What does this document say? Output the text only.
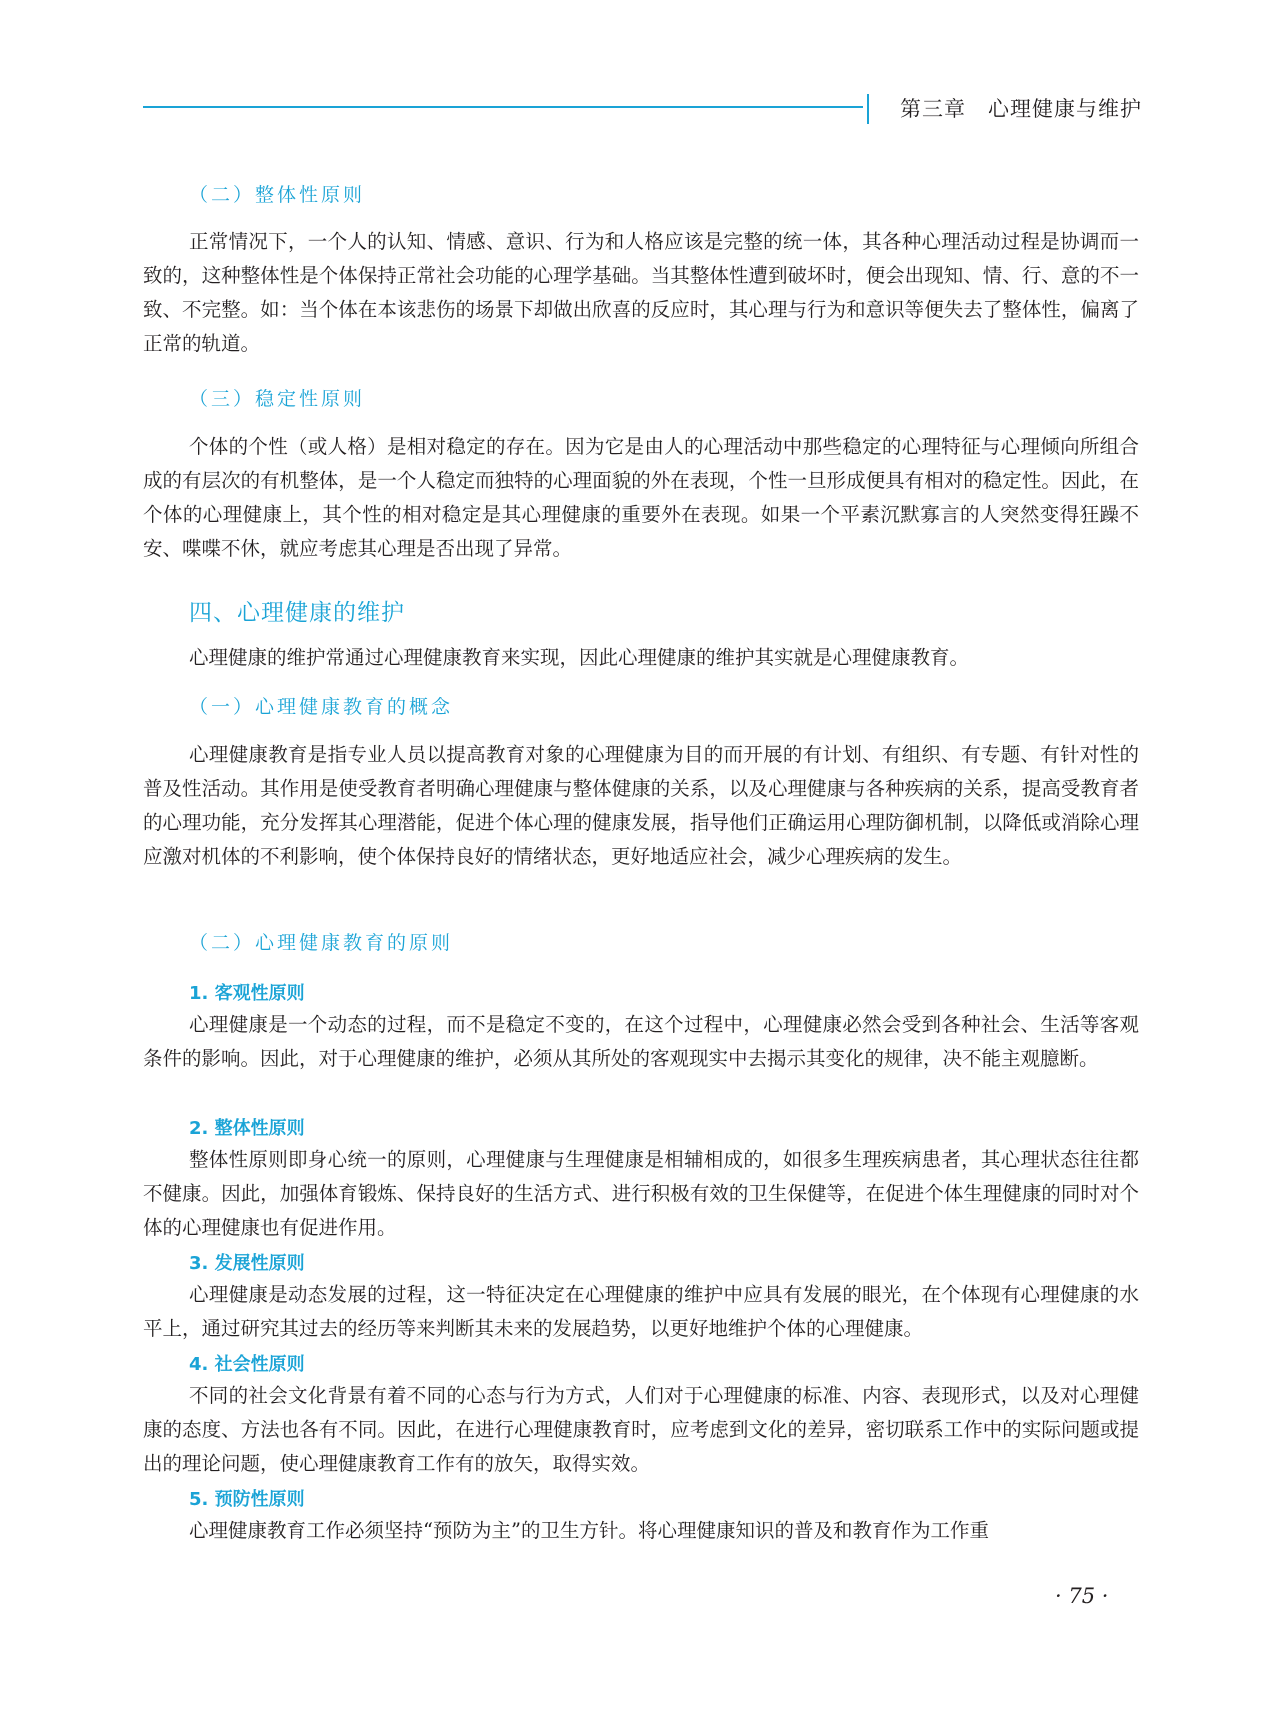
第三章　心理健康与维护
（二）整体性原则
正常情况下，一个人的认知、情感、意识、行为和人格应该是完整的统一体，其各种心理活动过程是协调而一致的，这种整体性是个体保持正常社会功能的心理学基础。当其整体性遭到破坏时，便会出现知、情、行、意的不一致、不完整。如：当个体在本该悲伤的场景下却做出欣喜的反应时，其心理与行为和意识等便失去了整体性，偏离了正常的轨道。
（三）稳定性原则
个体的个性（或人格）是相对稳定的存在。因为它是由人的心理活动中那些稳定的心理特征与心理倾向所组合成的有层次的有机整体，是一个人稳定而独特的心理面貌的外在表现，个性一旦形成便具有相对的稳定性。因此，在个体的心理健康上，其个性的相对稳定是其心理健康的重要外在表现。如果一个平素沉默寡言的人突然变得狂躁不安、喋喋不休，就应考虑其心理是否出现了异常。
四、心理健康的维护
心理健康的维护常通过心理健康教育来实现，因此心理健康的维护其实就是心理健康教育。
（一）心理健康教育的概念
心理健康教育是指专业人员以提高教育对象的心理健康为目的而开展的有计划、有组织、有专题、有针对性的普及性活动。其作用是使受教育者明确心理健康与整体健康的关系，以及心理健康与各种疾病的关系，提高受教育者的心理功能，充分发挥其心理潜能，促进个体心理的健康发展，指导他们正确运用心理防御机制，以降低或消除心理应激对机体的不利影响，使个体保持良好的情绪状态，更好地适应社会，减少心理疾病的发生。
（二）心理健康教育的原则
1. 客观性原则
心理健康是一个动态的过程，而不是稳定不变的，在这个过程中，心理健康必然会受到各种社会、生活等客观条件的影响。因此，对于心理健康的维护，必须从其所处的客观现实中去揭示其变化的规律，决不能主观臆断。
2. 整体性原则
整体性原则即身心统一的原则，心理健康与生理健康是相辅相成的，如很多生理疾病患者，其心理状态往往都不健康。因此，加强体育锻炼、保持良好的生活方式、进行积极有效的卫生保健等，在促进个体生理健康的同时对个体的心理健康也有促进作用。
3. 发展性原则
心理健康是动态发展的过程，这一特征决定在心理健康的维护中应具有发展的眼光，在个体现有心理健康的水平上，通过研究其过去的经历等来判断其未来的发展趋势，以更好地维护个体的心理健康。
4. 社会性原则
不同的社会文化背景有着不同的心态与行为方式，人们对于心理健康的标准、内容、表现形式，以及对心理健康的态度、方法也各有不同。因此，在进行心理健康教育时，应考虑到文化的差异，密切联系工作中的实际问题或提出的理论问题，使心理健康教育工作有的放矢，取得实效。
5. 预防性原则
心理健康教育工作必须坚持“预防为主”的卫生方针。将心理健康知识的普及和教育作为工作重
· 75 ·
